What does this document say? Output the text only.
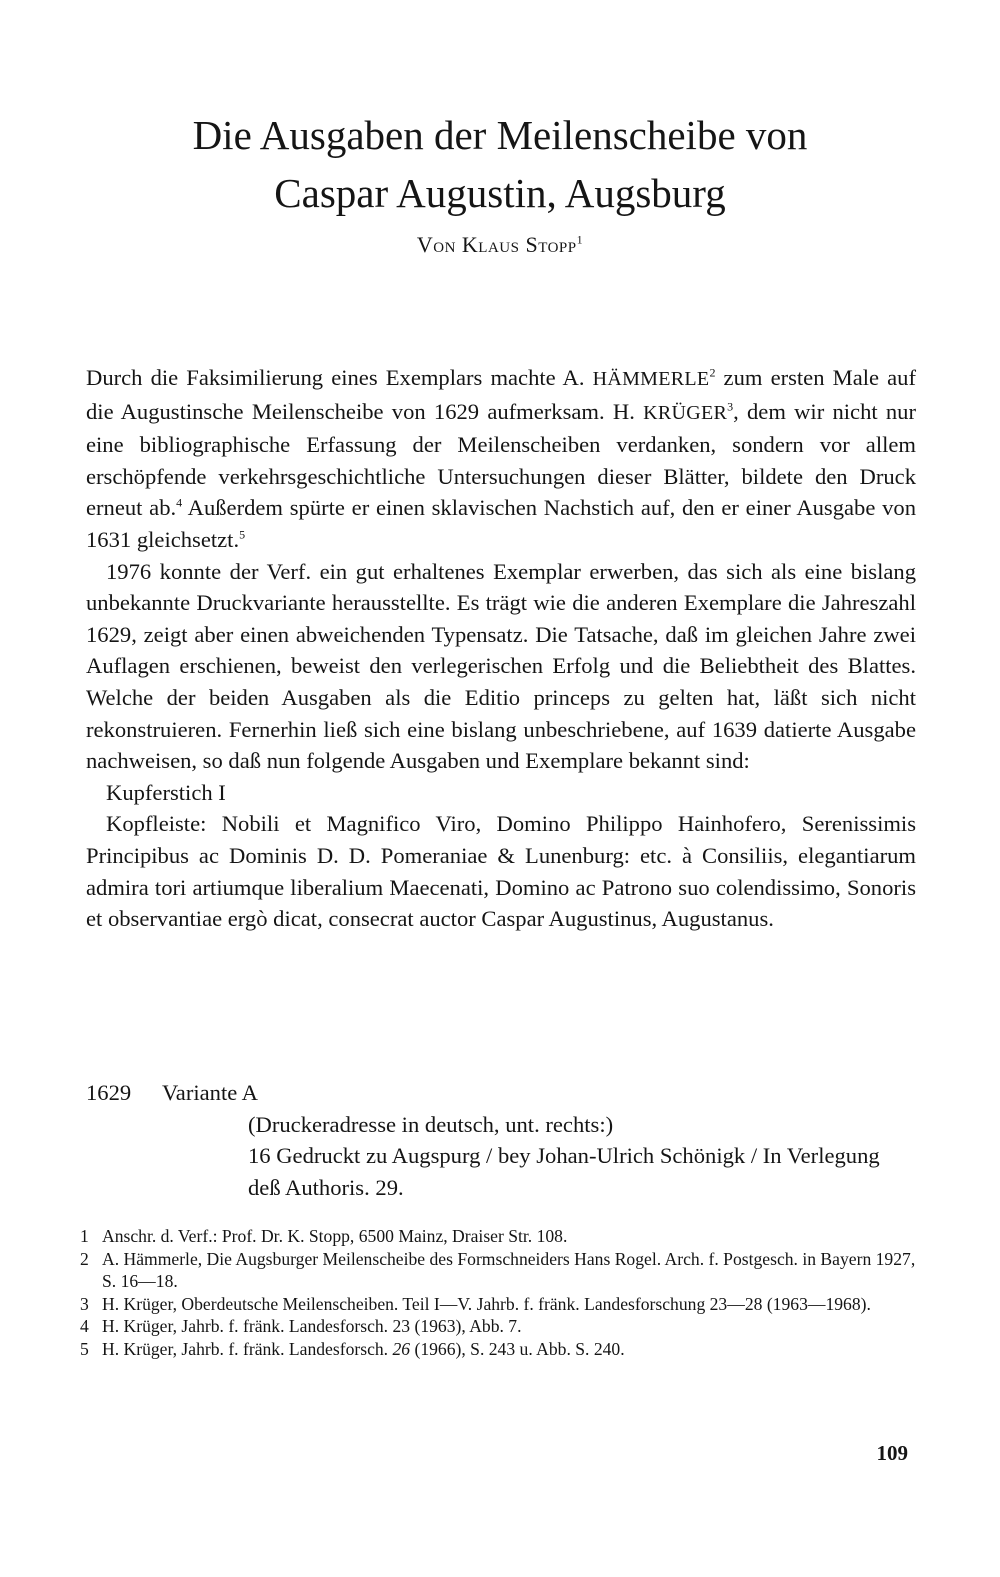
Die Ausgaben der Meilenscheibe von
Caspar Augustin, Augsburg
Von Klaus Stopp$^1$

Durch die Faksimilierung eines Exemplars machte A. HÄMMERLE$^2$ zum ersten Male auf die Augustinsche Meilenscheibe von 1629 aufmerksam. H. KRÜGER$^3$, dem wir nicht nur eine bibliographische Erfassung der Meilenscheiben verdanken, sondern vor allem erschöpfende verkehrsgeschichtliche Untersuchungen dieser Blätter, bildete den Druck erneut ab.$^4$ Außerdem spürte er einen sklavischen Nachstich auf, den er einer Ausgabe von 1631 gleichsetzt.$^5$

1976 konnte der Verf. ein gut erhaltenes Exemplar erwerben, das sich als eine bislang unbekannte Druckvariante herausstellte. Es trägt wie die anderen Exemplare die Jahreszahl 1629, zeigt aber einen abweichenden Typensatz. Die Tatsache, daß im gleichen Jahre zwei Auflagen erschienen, beweist den verlegerischen Erfolg und die Beliebtheit des Blattes. Welche der beiden Ausgaben als die Editio princeps zu gelten hat, läßt sich nicht rekonstruieren. Fernerhin ließ sich eine bislang unbeschriebene, auf 1639 datierte Ausgabe nachweisen, so daß nun folgende Ausgaben und Exemplare bekannt sind:

Kupferstich I

Kopfleiste: Nobili et Magnifico Viro, Domino Philippo Hainhofero, Serenissimis Principibus ac Dominis D. D. Pomeraniae & Lunenburg: etc. à Consiliis, elegantiarum admira tori artiumque liberalium Maecenati, Domino ac Patrono suo colendissimo, Sonoris et observantiae ergò dicat, consecrat auctor Caspar Augustinus, Augustanus.

1629 Variante A
(Druckeradresse in deutsch, unt. rechts:)
16 Gedruckt zu Augspurg / bey Johan-Ulrich Schönigk / In Verlegung deß Authoris. 29.
1 Anschr. d. Verf.: Prof. Dr. K. Stopp, 6500 Mainz, Draiser Str. 108.
2 A. Hämmerle, Die Augsburger Meilenscheibe des Formschneiders Hans Rogel. Arch. f. Postgesch. in Bayern 1927, S. 16—18.
3 H. Krüger, Oberdeutsche Meilenscheiben. Teil I—V. Jahrb. f. fränk. Landesforschung 23—28 (1963—1968).
4 H. Krüger, Jahrb. f. fränk. Landesforsch. 23 (1963), Abb. 7.
5 H. Krüger, Jahrb. f. fränk. Landesforsch. 26 (1966), S. 243 u. Abb. S. 240.
109
